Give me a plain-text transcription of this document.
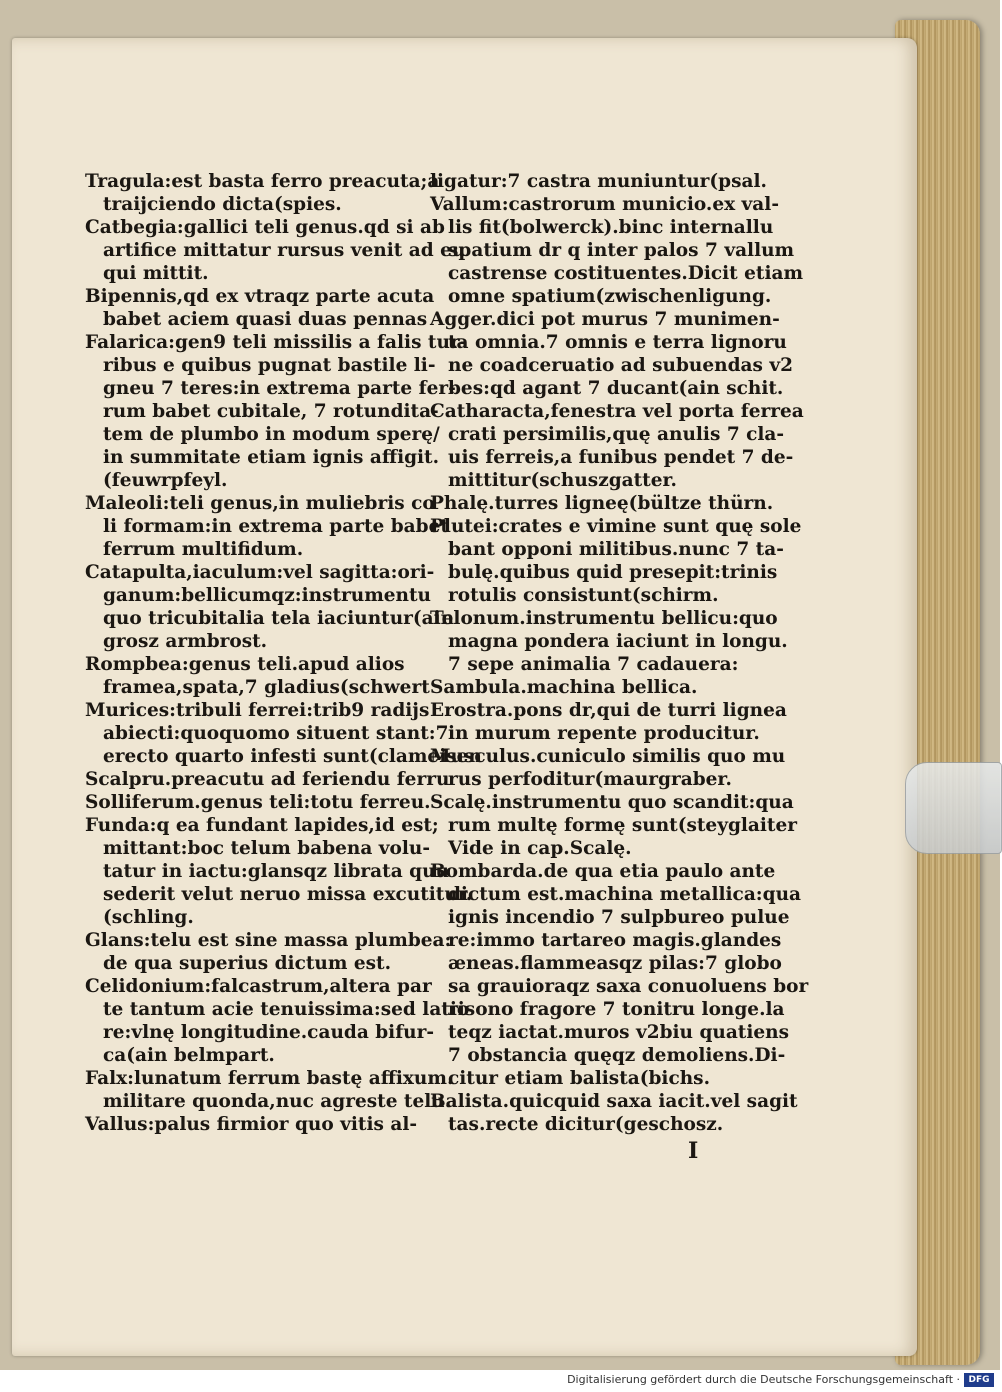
Tragula:est basta ferro preacuta;a
traijciendo dicta(spies.
Catbegia:gallici teli genus.qd si ab
artifice mittatur rursus venit ad eu
qui mittit.
Bipennis,qd ex vtraqz parte acuta
babet aciem quasi duas pennas
Falarica:gen9 teli missilis a falis tur-
ribus e quibus pugnat bastile li-
gneu 7 teres:in extrema parte fer-
rum babet cubitale, 7 rotundita-
tem de plumbo in modum sperę/
in summitate etiam ignis affigit.
(feuwrpfeyl.
Maleoli:teli genus,in muliebris co
li formam:in extrema parte babet
ferrum multifidum.
Catapulta,iaculum:vel sagitta:ori-
ganum:bellicumqz:instrumentu
quo tricubitalia tela iaciuntur(ain
grosz armbrost.
Rompbea:genus teli.apud alios
framea,spata,7 gladius(schwert
Murices:tribuli ferrei:trib9 radijs
abiecti:quoquomo situent stant:7
erecto quarto infesti sunt(clameisen
Scalpru.preacutu ad feriendu ferru
Solliferum.genus teli:totu ferreu.
Funda:q ea fundant lapides,id est;
mittant:boc telum babena volu-
tatur in iactu:glansqz librata quu
sederit velut neruo missa excutitur.
(schling.
Glans:telu est sine massa plumbea:
de qua superius dictum est.
Celidonium:falcastrum,altera par
te tantum acie tenuissima:sed latio
re:vlnę longitudine.cauda bifur-
ca(ain belmpart.
Falx:lunatum ferrum bastę affixum.
militare quonda,nuc agreste telu.
Vallus:palus firmior quo vitis al-
ligatur:7 castra muniuntur(psal.
Vallum:castrorum municio.ex val-
lis fit(bolwerck).binc internallu
spatium dr q inter palos 7 vallum
castrense costituentes.Dicit etiam
omne spatium(zwischenligung.
Agger.dici pot murus 7 munimen-
ta omnia.7 omnis e terra lignoru
ne coadceruatio ad subuendas v2
bes:qd agant 7 ducant(ain schit.
Catharacta,fenestra vel porta ferrea
crati persimilis,quę anulis 7 cla-
uis ferreis,a funibus pendet 7 de-
mittitur(schuszgatter.
Phalę.turres ligneę(bültze thürn.
Plutei:crates e vimine sunt quę sole
bant opponi militibus.nunc 7 ta-
bulę.quibus quid presepit:trinis
rotulis consistunt(schirm.
Telonum.instrumentu bellicu:quo
magna pondera iaciunt in longu.
7 sepe animalia 7 cadauera:
Sambula.machina bellica.
Erostra.pons dr,qui de turri lignea
in murum repente producitur.
Musculus.cuniculo similis quo mu
rus perfoditur(maurgraber.
Scalę.instrumentu quo scandit:qua
rum multę formę sunt(steyglaiter
Vide in cap.Scalę.
Bombarda.de qua etia paulo ante
dictum est.machina metallica:qua
ignis incendio 7 sulpbureo pulue
re:immo tartareo magis.glandes
æneas.flammeasqz pilas:7 globo
sa grauioraqz saxa conuoluens bor
risono fragore 7 tonitru longe.la
teqz iactat.muros v2biu quatiens
7 obstancia quęqz demoliens.Di-
citur etiam balista(bichs.
Balista.quicquid saxa iacit.vel sagit
tas.recte dicitur(geschosz.
I
Digitalisierung gefördert durch die Deutsche Forschungsgemeinschaft · DFG
